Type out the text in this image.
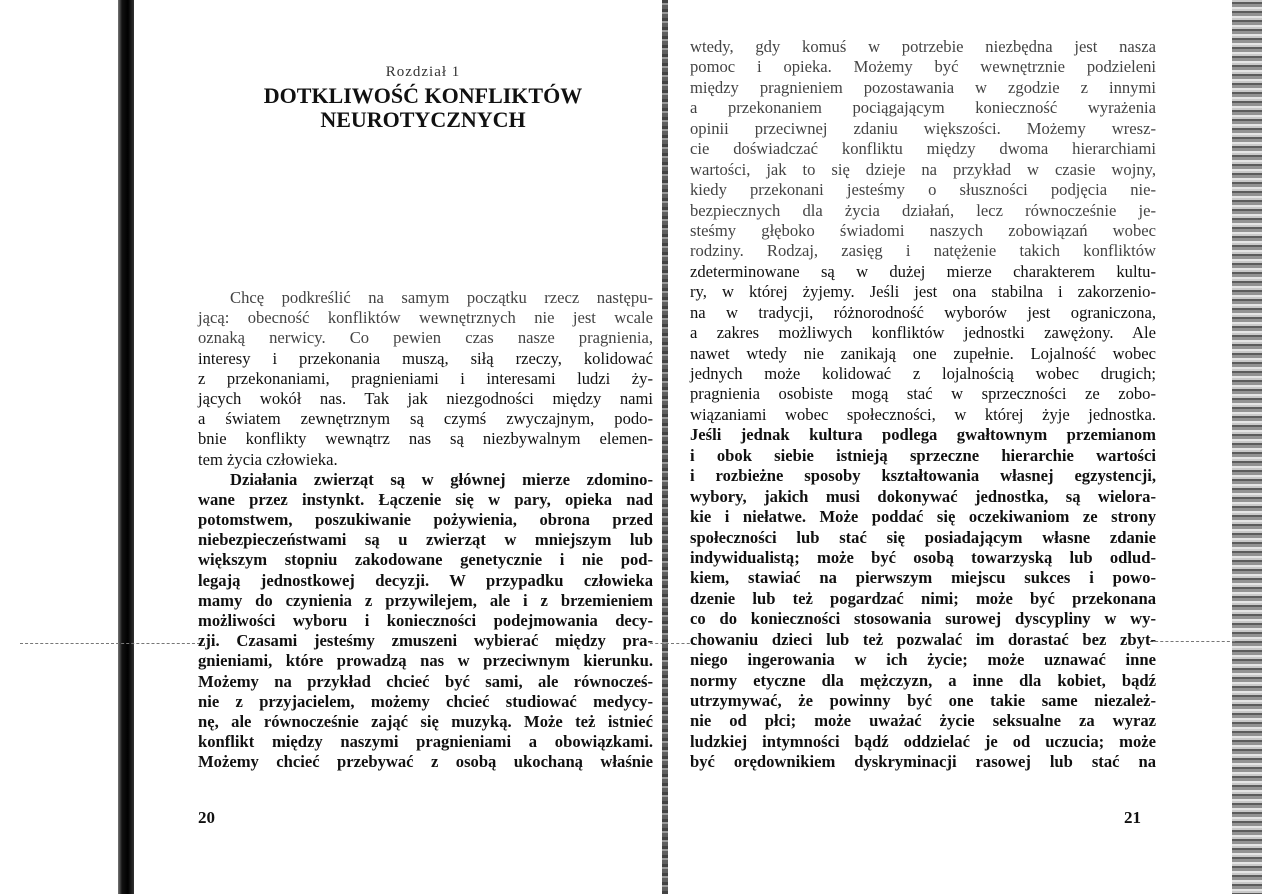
Rozdział 1
DOTKLIWOŚĆ KONFLIKTÓW
NEUROTYCZNYCH
Chcę podkreślić na samym początku rzecz następu-
jącą: obecność konfliktów wewnętrznych nie jest wcale
oznaką nerwicy. Co pewien czas nasze pragnienia,
interesy i przekonania muszą, siłą rzeczy, kolidować
z przekonaniami, pragnieniami i interesami ludzi ży-
jących wokół nas. Tak jak niezgodności między nami
a światem zewnętrznym są czymś zwyczajnym, podo-
bnie konflikty wewnątrz nas są niezbywalnym elemen-
tem życia człowieka.
Działania zwierząt są w głównej mierze zdomino-
wane przez instynkt. Łączenie się w pary, opieka nad
potomstwem, poszukiwanie pożywienia, obrona przed
niebezpieczeństwami są u zwierząt w mniejszym lub
większym stopniu zakodowane genetycznie i nie pod-
legają jednostkowej decyzji. W przypadku człowieka
mamy do czynienia z przywilejem, ale i z brzemieniem
możliwości wyboru i konieczności podejmowania decy-
zji. Czasami jesteśmy zmuszeni wybierać między pra-
gnieniami, które prowadzą nas w przeciwnym kierunku.
Możemy na przykład chcieć być sami, ale równocześ-
nie z przyjacielem, możemy chcieć studiować medycy-
nę, ale równocześnie zająć się muzyką. Może też istnieć
konflikt między naszymi pragnieniami a obowiązkami.
Możemy chcieć przebywać z osobą ukochaną właśnie
wtedy, gdy komuś w potrzebie niezbędna jest nasza
pomoc i opieka. Możemy być wewnętrznie podzieleni
między pragnieniem pozostawania w zgodzie z innymi
a przekonaniem pociągającym konieczność wyrażenia
opinii przeciwnej zdaniu większości. Możemy wresz-
cie doświadczać konfliktu między dwoma hierarchiami
wartości, jak to się dzieje na przykład w czasie wojny,
kiedy przekonani jesteśmy o słuszności podjęcia nie-
bezpiecznych dla życia działań, lecz równocześnie je-
steśmy głęboko świadomi naszych zobowiązań wobec
rodziny. Rodzaj, zasięg i natężenie takich konfliktów
zdeterminowane są w dużej mierze charakterem kultu-
ry, w której żyjemy. Jeśli jest ona stabilna i zakorzenio-
na w tradycji, różnorodność wyborów jest ograniczona,
a zakres możliwych konfliktów jednostki zawężony. Ale
nawet wtedy nie zanikają one zupełnie. Lojalność wobec
jednych może kolidować z lojalnością wobec drugich;
pragnienia osobiste mogą stać w sprzeczności ze zobo-
wiązaniami wobec społeczności, w której żyje jednostka.
Jeśli jednak kultura podlega gwałtownym przemianom
i obok siebie istnieją sprzeczne hierarchie wartości
i rozbieżne sposoby kształtowania własnej egzystencji,
wybory, jakich musi dokonywać jednostka, są wielora-
kie i niełatwe. Może poddać się oczekiwaniom ze strony
społeczności lub stać się posiadającym własne zdanie
indywidualistą; może być osobą towarzyską lub odlud-
kiem, stawiać na pierwszym miejscu sukces i powo-
dzenie lub też pogardzać nimi; może być przekonana
co do konieczności stosowania surowej dyscypliny w wy-
chowaniu dzieci lub też pozwalać im dorastać bez zbyt-
niego ingerowania w ich życie; może uznawać inne
normy etyczne dla mężczyzn, a inne dla kobiet, bądź
utrzymywać, że powinny być one takie same niezależ-
nie od płci; może uważać życie seksualne za wyraz
ludzkiej intymności bądź oddzielać je od uczucia; może
być orędownikiem dyskryminacji rasowej lub stać na
20	21
